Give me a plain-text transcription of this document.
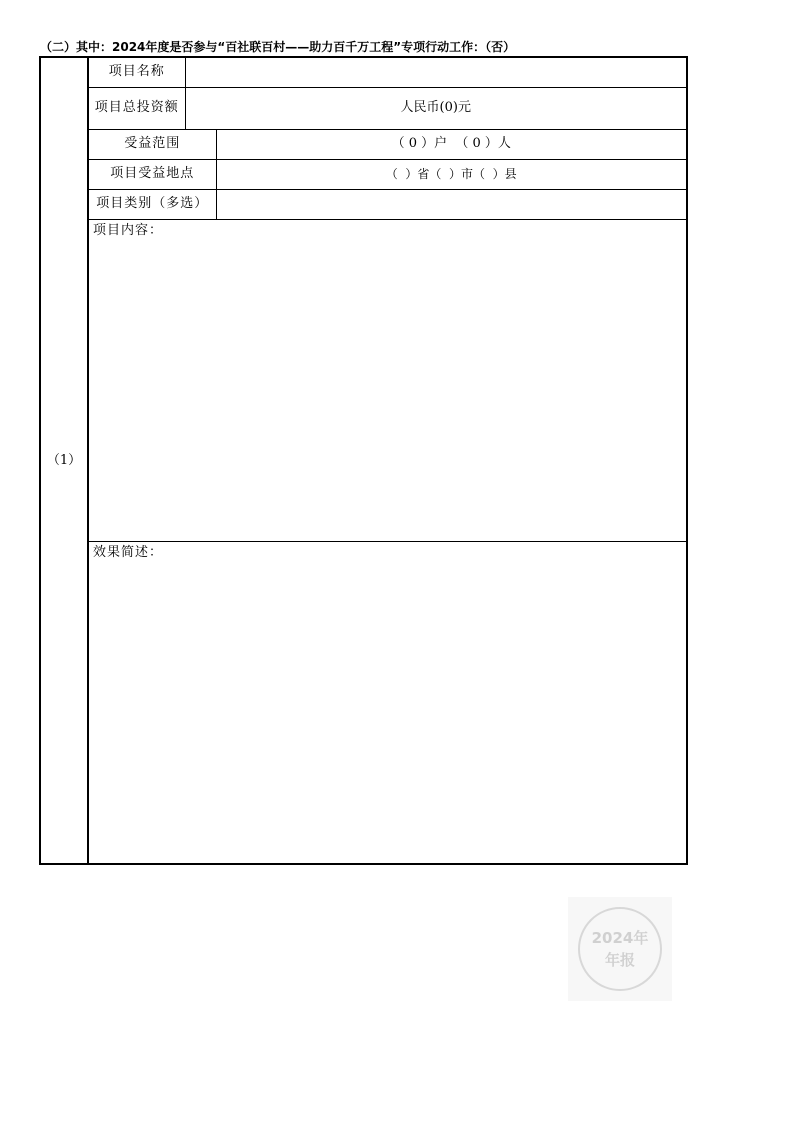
（二）其中：2024年度是否参与“百社联百村——助力百千万工程”专项行动工作：（否）
（1）	项目名称		
	项目总投资额	人民币(0)元	
	受益范围		（ 0 ）户  （ 0 ）人
	项目受益地点		（  ）省（  ）市（  ）县
	项目类别（多选）		
	项目内容：		
	效果简述：		
2024年
年报
